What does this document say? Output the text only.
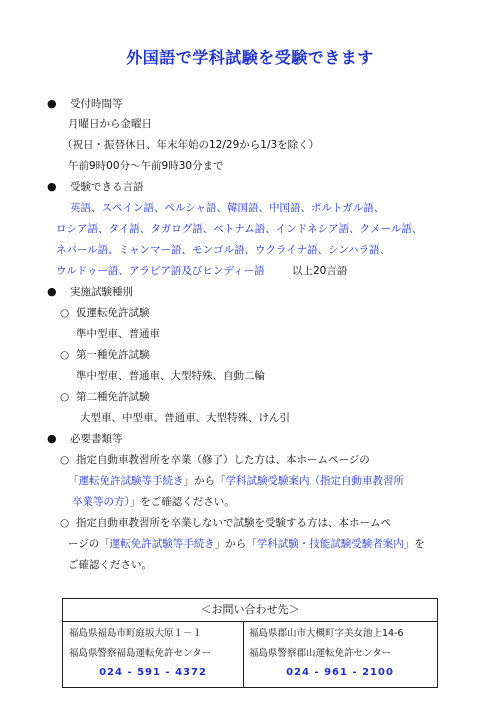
外国語で学科試験を受験できます
● 受付時間等
月曜日から金曜日
（祝日・振替休日、年末年始の12/29から1/3を除く）
午前9時00分～午前9時30分まで
● 受験できる言語
英語、スペイン語、ペルシャ語、韓国語、中国語、ポルトガル語、
ロシア語、タイ語、タガログ語、ベトナム語、インドネシア語、クメール語、
ネパール語、ミャンマー語、モンゴル語、ウクライナ語、シンハラ語、
ウルドゥー語、アラビア語及びヒンディー語	以上20言語
● 実施試験種別
○ 仮運転免許試験
準中型車、普通車
○ 第一種免許試験
準中型車、普通車、大型特殊、自動二輪
○ 第二種免許試験
大型車、中型車、普通車、大型特殊、けん引
● 必要書類等
○ 指定自動車教習所を卒業（修了）した方は、本ホームページの
「運転免許試験等手続き」から「学科試験受験案内（指定自動車教習所
卒業等の方）」をご確認ください。
○ 指定自動車教習所を卒業しないで試験を受験する方は、本ホームペ
ージの「運転免許試験等手続き」から「学科試験・技能試験受験者案内」を
ご確認ください。
＜お問い合わせ先＞
福島県福島市町庭坂大原１－１
福島県警察福島運転免許センター
024 - 591 - 4372
福島県郡山市大槻町字美女池上14-6
福島県警察郡山運転免許センター
024 - 961 - 2100
